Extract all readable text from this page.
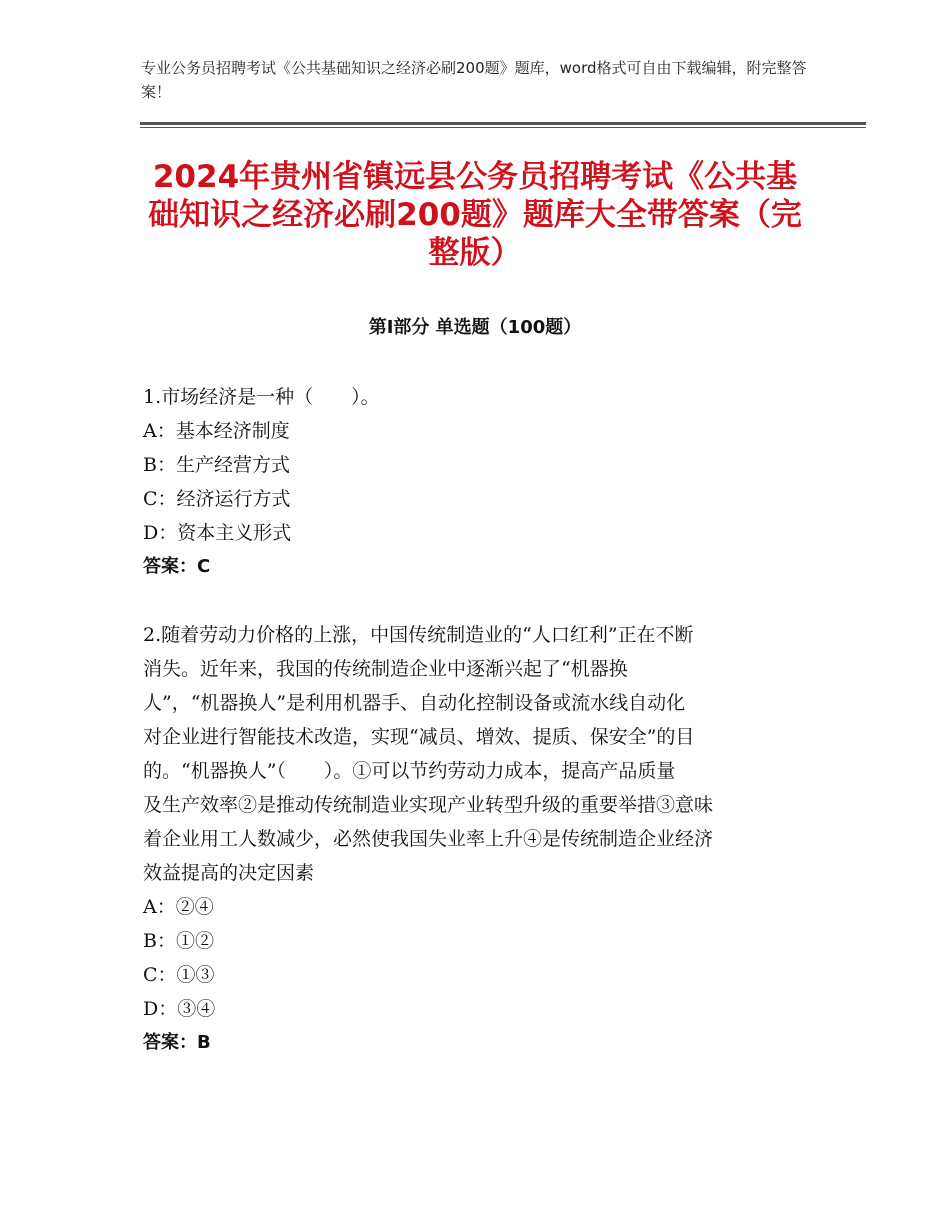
专业公务员招聘考试《公共基础知识之经济必刷200题》题库，word格式可自由下载编辑，附完整答案！
2024年贵州省镇远县公务员招聘考试《公共基础知识之经济必刷200题》题库大全带答案（完整版）
第Ⅰ部分 单选题（100题）
1.市场经济是一种（　　）。
A：基本经济制度
B：生产经营方式
C：经济运行方式
D：资本主义形式
答案：C
2.随着劳动力价格的上涨，中国传统制造业的“人口红利”正在不断
消失。近年来，我国的传统制造企业中逐渐兴起了“机器换
人”，“机器换人”是利用机器手、自动化控制设备或流水线自动化
对企业进行智能技术改造，实现“减员、增效、提质、保安全”的目
的。“机器换人”（　　）。①可以节约劳动力成本，提高产品质量
及生产效率②是推动传统制造业实现产业转型升级的重要举措③意味
着企业用工人数减少，必然使我国失业率上升④是传统制造企业经济
效益提高的决定因素
A：②④
B：①②
C：①③
D：③④
答案：B
